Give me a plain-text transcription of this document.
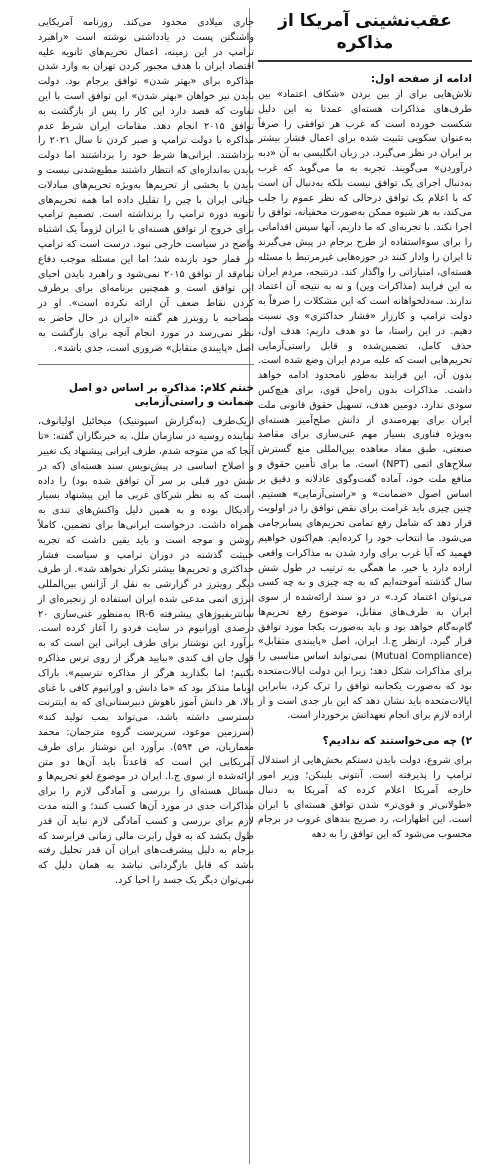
عقب‌نشینی آمریکا از مذاکره
ادامه از صفحه اول:

تلاش‌هایی برای از بین بردن «شکاف اعتماد» بین طرف‌های مذاکرات هسته‌ای عمدتا به این دلیل شکست خورده است که غرب هر توافقی را صرفاً به‌عنوان سکویی تثبیت شده برای اعمال فشار بیشتر بر ایران در نظر می‌گیرد. در زبان انگلیسی به آن «دبه درآوردن» می‌گویند. تجربه به ما می‌گوید که غرب به‌دنبال اجرای یک توافق نیست بلکه به‌دنبال آن است که با اعلام یک توافق درحالی که نظر عموم را جلب می‌کند، به هر شیوه ممکن به‌صورت مخفیانه، توافق را اجرا نکند. با تجربه‌ای که ما داریم، آنها سپس اقداماتی را برای سوءاستفاده از طرح برجام در پیش می‌گیرند تا ایران را وادار کنند در حوزه‌هایی غیرمرتبط با مسئله هسته‌ای، امتیازاتی را واگذار کند. درنتیجه، مردم ایران به این فرایند (مذاکرات وین) و نه به نتیجه آن اعتماد ندارند. سه‌دلخواهانه است که این مشکلات را صرفاً به دولت ترامپ و کارزار «فشار حداکثری» وی نسبت دهیم. در این راستا، ما دو هدف داریم: هدف اول، حذف کامل، تضمین‌شده و قابل راستی‌آزمایی تحریم‌هایی است که علیه مردم ایران وضع شده است. بدون آن، این فرایند به‌طور نامحدود ادامه خواهد داشت. مذاکرات بدون راه‌حل قوی، برای هیچ‌کس سودی ندارد. دومین هدف، تسهیل حقوق قانونی ملت ایران برای بهره‌مندی از دانش صلح‌آمیز هسته‌ای به‌ویژه فناوری بسیار مهم غنی‌سازی برای مقاصد صنعتی، طبق مفاد معاهده بین‌المللی منع گسترش سلاح‌های اتمی (NPT) است. ما برای تأمین حقوق و منافع ملت خود، آماده گفت‌وگوی عادلانه و دقیق بر اساس اصول «ضمانت» و «راستی‌آزمایی» هستیم. چنین چیزی باید غرامت برای نقض توافق را در اولویت قرار دهد که شامل رفع تمامی تحریم‌های پسابرجامی می‌شود. ما انتخاب خود را کرده‌ایم. هم‌اکنون خواهیم فهمید که آیا غرب برای وارد شدن به مذاکرات واقعی اراده دارد یا خیر. ما همگی به ترتیب در طول شش سال گذشته آموخته‌ایم که به چه چیزی و به چه کسی می‌توان اعتماد کرد.» در دو سند ارائه‌شده از سوی ایران به طرف‌های مقابل، موضوع رفع تحریم‌ها گام‌به‌گام خواهد بود و باید به‌صورت یکجا مورد توافق قرار گیرد. ازنظر ج.ا. ایران، اصل «پایبندی متقابل» (Mutual Compliance) نمی‌تواند اساس مناسبی را برای مذاکرات شکل دهد؛ زیرا این دولت ایالات‌متحده بود که به‌صورت یکجانبه توافق را ترک کرد، بنابراین ایالات‌متحده باید نشان دهد که این بار جدی است و از اراده لازم برای انجام تعهداتش برخوردار است.

۲) چه می‌خواستند که ندادیم؟

برای شروع، دولت بایدن دستکم بخش‌هایی از استدلال ترامپ را پذیرفته است. آنتونی بلینکن؛ وزیر امور خارجه آمریکا اعلام کرده که آمریکا به دنبال «طولانی‌تر و قوی‌تر» شدن توافق هسته‌ای با ایران است. این اظهارات، رد صریح بندهای غروب در برجام محسوب می‌شود که این توافق را به دهه

جاری میلادی محدود می‌کند. روزنامه آمریکایی واشنگتن پست در یادداشتی نوشته است «راهبرد ترامپ در این زمینه، اعمال تحریم‌های ثانویه علیه اقتصاد ایران با هدف مجبور کردن تهران به وارد شدن مذاکره برای «بهتر شدن» توافق برجام بود. دولت بایدن نیز خواهان «بهتر شدن» این توافق است با این تفاوت که قصد دارد این کار را پس از بازگشت به توافق ۲۰۱۵ انجام دهد. مقامات ایران شرط عدم مذاکره با دولت ترامپ و صبر کردن تا سال ۲۰۲۱ را برداشتند. ایرانی‌ها شرط خود را برداشتند اما دولت بایدن به‌اندازه‌ای که انتظار داشتند مطیع‌شدنی نیست و بایدن با بخشی از تحریم‌ها به‌ویژه تحریم‌های مبادلات حیاتی ایران با چین را تقلیل داده اما همه تحریم‌های ثانویه دوره ترامپ را برنداشته است. تصمیم ترامپ برای خروج از توافق هسته‌ای با ایران لزوماً یک اشتباه واضح در سیاست خارجی نبود. درست است که ترامپ در قمار خود بازنده شد؛ اما این مسئله موجب دفاع تمام‌قد از توافق ۲۰۱۵ نمی‌شود و راهبرد بایدن احیای این توافق است و همچنین برنامه‌ای برای برطرف کردن نقاط ضعف آن ارائه نکرده است». او در مصاحبه با رویترز هم گفته «ایران در حال حاضر به نظر نمی‌رسد در مورد انجام آنچه برای بازگشت به اصل «پایبندی متقابل» ضروری است، جدی باشد».

خنثم کلام: مذاکره بر اساس دو اصل ضمانت و راستی‌آزمایی

ازیک‌طرف (به‌گزارش اسپوتنیک) میخائیل اولیانوف، نماینده روسیه در سازمان ملل، به خبرنگاران گفته: «تا آنجا که من متوجه شدم، طرف ایرانی پیشنهاد یک تغییر و اصلاح اساسی در پیش‌نویس سند هسته‌ای (که در شش دور قبلی بر سر آن توافق شده بود) را داده است که به نظر شرکای غربی ما این پیشنهاد بسیار رادیکال بوده و به همین دلیل واکنش‌های تندی به همراه داشت. درخواست ایرانی‌ها برای تضمین، کاملاً روشن و موجه است و باید یقین داشت که تجربه خبیثت گذشته در دوران ترامپ و سیاست فشار حداکثری و تحریم‌ها بیشتر تکرار نخواهد شد». از طرف دیگر رویترز در گزارشی به نقل از آژانس بین‌المللی انرژی اتمی مدعی شده ایران استفاده از زنجیره‌ای از سانتریفیوژهای پیشرفته IR-6 به‌منظور غنی‌سازی ۲۰ درصدی اورانیوم در سایت فردو را آغاز کرده است. برآورد این نوشتار برای طرف ایرانی این است که به قول جان اف کندی «بیایید هرگز از روی ترس مذاکره نکنیم؛ اما بگذارید هرگز از مذاکره نترسیم». باراک اوباما متذکر بود که «ما دانش و اورانیوم کافی با غنای بالا، هر دانش آموز باهوش دبیرستانی‌ای که به اینترنت دسترسی داشته باشد، می‌تواند بمب تولید کند» (سرزمین موعود، سرپرست گروه مترجمان: محمد معماریان، ص ۵۹۴). برآورد این نوشتار برای طرف آمریکایی این است که قاعدتاً باید آن‌ها دو متن ارائه‌شده از سوی ج.ا. ایران در موضوع لغو تحریم‌ها و مسائل هسته‌ای را بررسی و آمادگی لازم را برای مذاکرات جدی در مورد آن‌ها کسب کنند؛ و البته مدت لازم برای بررسی و کسب آمادگی لازم نباید آن قدر طول بکشد که به قول رابرت مالی زمانی فرابرسد که برجام به دلیل پیشرفت‌های ایران آن قدر تحلیل رفته باشد که قابل بازگردانی نباشد به همان دلیل که نمی‌توان دیگر یک جسد را احیا کرد.
